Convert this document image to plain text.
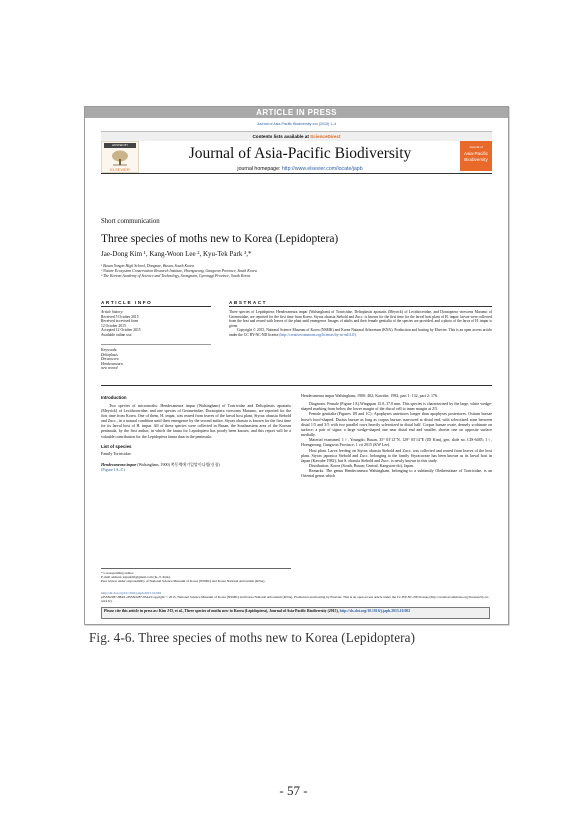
ARTICLE IN PRESS
Journal of Asia-Pacific Biodiversity xxx (2015) 1–4
Contents lists available at ScienceDirect
HOSTED BY
ELSEVIER
Journal of Asia-Pacific Biodiversity
journal homepage: http://www.elsevier.com/locate/japb
Journal of
Asia-Pacific
Biodiversity
Short communication
Three species of moths new to Korea (Lepidoptera)
Jae-Dong Kim ¹, Kang-Woon Lee ², Kyu-Tek Park ³,*
¹ Busan Yongin High School, Dongnae, Busan, South Korea
² Nature Ecosystem Conservation Research Institute, Hoengseong, Gangwon Province, South Korea
³ The Korean Academy of Science and Technology, Seongnam, Gyeonggi Province, South Korea
ARTICLE INFO	ABSTRACT
Article history:
Received 5 October 2015
Received in revised form
12 October 2015
Accepted 12 October 2015
Available online xxx
Keywords:
Deltoplasis
Deraeocera
Hendecaneura
new record
Three species of Lepidoptera: Hendecaneura impar (Walsingham) of Tortricidae, Deltoplastis apostatis (Meyrick) of Lecithoceridae, and Doratoptera virescens Marumo of Geometridae, are reported for the first time from Korea. Styrax obassia Siebold and Zucc. is known for the first time for the larval host plant of H. impar: larvae were collected from the host and reared with leaves of the plant until emergence. Images of adults and their female genitalia of the species are provided, and a photo of the larva of H. impar is given.
Copyright © 2015, National Science Museum of Korea (NSMK) and Korea National Arboretum (KNA). Production and hosting by Elsevier. This is an open access article under the CC BY-NC-ND license (http://creativecommons.org/licenses/by-nc-nd/4.0/).
Introduction

Two species of micromoths: Hendecaneura impar (Walsingham) of Tortricidae and Deltoplastis apostatis (Meyrick) of Lecithoceridae, and one species of Geometridae, Doratoptera virescens Marumo, are reported for the first time from Korea. One of them, H. impar, was reared from leaves of the larval host plant, Styrax obassia Siebold and Zucc., in a natural condition until their emergence by the second author. Styrax obassia is known for the first time for its larval host of H. impar. All of these species were collected in Busan, the Southeastern area of the Korean peninsula, by the first author, in which the fauna for Lepidoptera has poorly been known, and this report will be a valuable contribution for the Lepidoptera fauna data in the peninsula.

List of species

Family Tortricidae

Hendecaneura impar (Walsingham, 1900) 쪽동백애기잎말이나방(신칭)

(Figure 1A–C)

Hendecaneura impar Walsingham, 1900: 402; Kawabe, 1982, part 1: 132, part 2: 176.

Diagnosis. Female (Figure 1A).Wingspan 15.0–17.0 mm. This species is characterized by the large, white wedge-shaped marking from below the lower margin of the discal cell to inner margin at 2/5.

Female genitalia (Figures 1B and 1C): Apophyses anteriores longer than apophyses posteriores. Ostium bursae horse's hoof-shaped. Ductus bursae as long as corpus bursae, narrowed at distal end, with sclerotized zone between distal 1/5 and 3/5 with two parallel rows heavily sclerotized in distal half. Corpus bursae ovate, densely scobinate on surface; a pair of signa: a large wedge-shaped one near distal end and smaller, shorter one on opposite surface medially.

Material examined. 1♀, Youngdo, Busan, 35° 03′12″N, 129° 05′14″E (JD Kim), gen. slide no. CIS-6485; 1♀, Hoengseong, Gangwon Province, 1 vii 2015 (KW Lee).

Host plant. Larva feeding on Styrax obassia Siebold and Zucc. was collected and reared from leaves of the host plant. Styrax japonica Siebold and Zucc. belonging to the family Styracaceae has been known as its larval host in Japan (Kawabe 1982), but S. obassia Siebold and Zucc. is newly known in this study.

Distribution. Korea (South, Busan; Central, Kangwon-do), Japan.

Remarks. The genus Hendecaneura Walsingham, belonging to a subfamily Olethreutinae of Tortricidae, is an Oriental genus which

* Corresponding author.
E-mail address: ktpark02@gmail.com (K.-T. Park).
Peer review under responsibility of National Science Museum of Korea (NSMK) and Korea National Arboretum (KNA).
http://dx.doi.org/10.1016/j.japb.2015.10.002
pISSN2287-884X eISSN2287-9544/Copyright © 2015, National Science Museum of Korea (NSMK) and Korea National Arboretum (KNA). Production and hosting by Elsevier. This is an open access article under the CC BY-NC-ND license (http://creativecommons.org/licenses/by-nc-nd/4.0/).
Please cite this article in press as: Kim J-D, et al., Three species of moths new to Korea (Lepidoptera), Journal of Asia-Pacific Biodiversity (2015), http://dx.doi.org/10.1016/j.japb.2015.10.002
Fig. 4-6. Three species of moths new to Korea (Lepidoptera)
- 57 -
